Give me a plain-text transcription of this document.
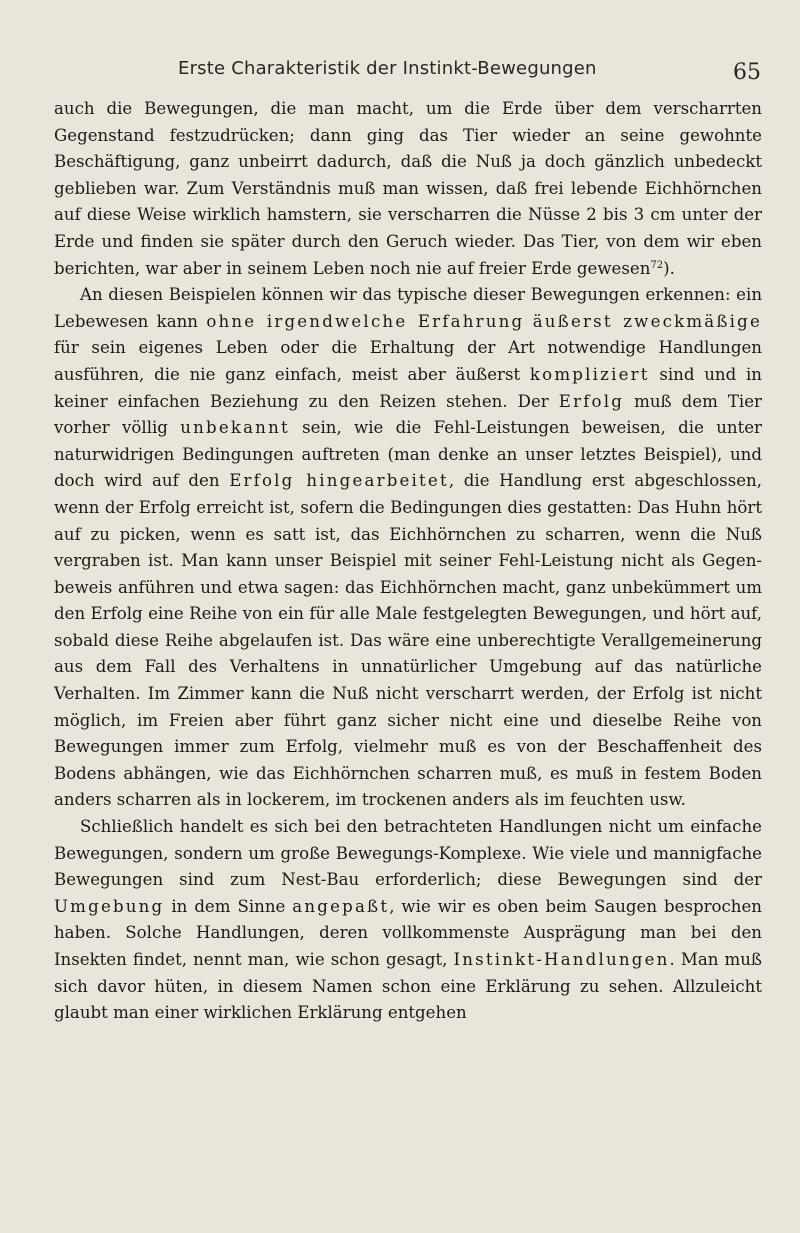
Erste Charakteristik der Instinkt-Bewegungen	65

auch die Bewegungen, die man macht, um die Erde über dem verscharrten Gegenstand festzudrücken; dann ging das Tier wieder an seine gewohnte Beschäftigung, ganz unbeirrt dadurch, daß die Nuß ja doch gänzlich unbedeckt geblieben war. Zum Verständnis muß man wissen, daß frei lebende Eichhörnchen auf diese Weise wirklich hamstern, sie verscharren die Nüsse 2 bis 3 cm unter der Erde und finden sie später durch den Geruch wieder. Das Tier, von dem wir eben berichten, war aber in seinem Leben noch nie auf freier Erde gewesen$^{72}$).

An diesen Beispielen können wir das typische dieser Bewegungen erkennen: ein Lebewesen kann ohne irgendwelche Erfahrung äußerst zweckmäßige für sein eigenes Leben oder die Erhaltung der Art notwendige Handlungen ausführen, die nie ganz einfach, meist aber äußerst kompliziert sind und in keiner einfachen Beziehung zu den Reizen stehen. Der Erfolg muß dem Tier vorher völlig unbekannt sein, wie die Fehl-Leistungen beweisen, die unter naturwidrigen Bedingungen auftreten (man denke an unser letztes Beispiel), und doch wird auf den Erfolg hingearbeitet, die Handlung erst abgeschlossen, wenn der Erfolg erreicht ist, sofern die Bedingungen dies gestatten: Das Huhn hört auf zu picken, wenn es satt ist, das Eichhörnchen zu scharren, wenn die Nuß vergraben ist. Man kann unser Beispiel mit seiner Fehl-Leistung nicht als Gegenbeweis anführen und etwa sagen: das Eichhörnchen macht, ganz unbekümmert um den Erfolg eine Reihe von ein für alle Male festgelegten Bewegungen, und hört auf, sobald diese Reihe abgelaufen ist. Das wäre eine unberechtigte Verallgemeinerung aus dem Fall des Verhaltens in unnatürlicher Umgebung auf das natürliche Verhalten. Im Zimmer kann die Nuß nicht verscharrt werden, der Erfolg ist nicht möglich, im Freien aber führt ganz sicher nicht eine und dieselbe Reihe von Bewegungen immer zum Erfolg, vielmehr muß es von der Beschaffenheit des Bodens abhängen, wie das Eichhörnchen scharren muß, es muß in festem Boden anders scharren als in lockerem, im trockenen anders als im feuchten usw.

Schließlich handelt es sich bei den betrachteten Handlungen nicht um einfache Bewegungen, sondern um große Bewegungs-Komplexe. Wie viele und mannigfache Bewegungen sind zum Nest-Bau erforderlich; diese Bewegungen sind der Umgebung in dem Sinne angepaßt, wie wir es oben beim Saugen besprochen haben. Solche Handlungen, deren vollkommenste Ausprägung man bei den Insekten findet, nennt man, wie schon gesagt, Instinkt-Handlungen. Man muß sich davor hüten, in diesem Namen schon eine Erklärung zu sehen. Allzuleicht glaubt man einer wirklichen Erklärung entgehen
